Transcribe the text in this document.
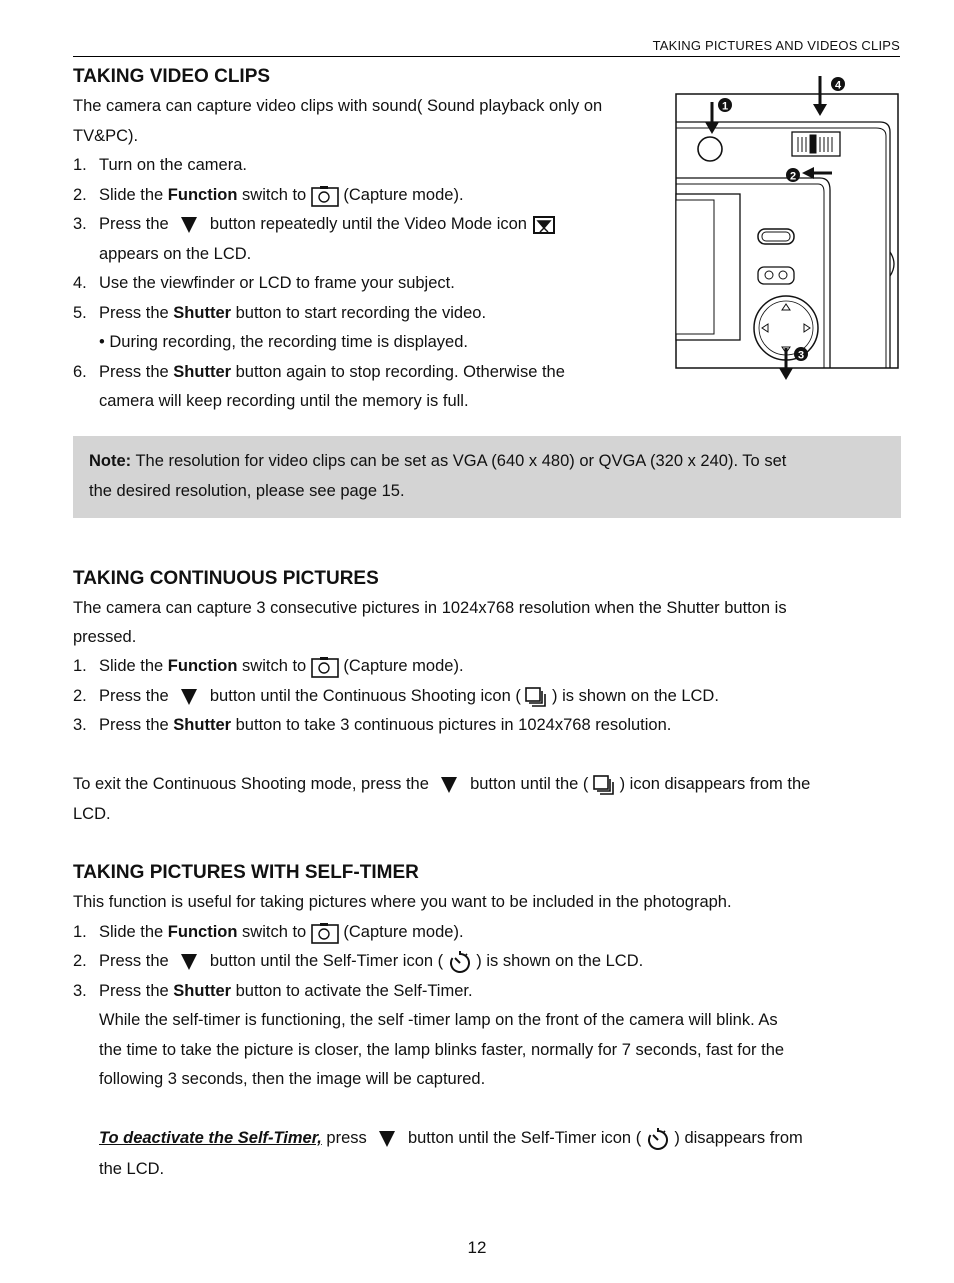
TAKING PICTURES AND VIDEOS CLIPS
TAKING VIDEO CLIPS
The camera can capture video clips with sound( Sound playback only on
TV&PC).
1. Turn on the camera.
2. Slide the Function switch to  (Capture mode).
3. Press the  button repeatedly until the Video Mode icon
appears on the LCD.
4. Use the viewfinder or LCD to frame your subject.
5. Press the Shutter button to start recording the video.
• During recording, the recording time is displayed.
6. Press the Shutter button again to stop recording. Otherwise the
camera will keep recording until the memory is full.
1
2
3
4
Note: The resolution for video clips can be set as VGA (640 x 480) or QVGA (320 x 240). To set
the desired resolution, please see page 15.
TAKING CONTINUOUS PICTURES
The camera can capture 3 consecutive pictures in 1024x768 resolution when the Shutter button is
pressed.
1. Slide the Function switch to  (Capture mode).
2. Press the  button until the Continuous Shooting icon (  ) is shown on the LCD.
3. Press the Shutter button to take 3 continuous pictures in 1024x768 resolution.
To exit the Continuous Shooting mode, press the  button until the (  ) icon disappears from the
LCD.
TAKING PICTURES WITH SELF-TIMER
This function is useful for taking pictures where you want to be included in the photograph.
1. Slide the Function switch to  (Capture mode).
2. Press the  button until the Self-Timer icon (  ) is shown on the LCD.
3. Press the Shutter button to activate the Self-Timer.
While the self-timer is functioning, the self -timer lamp on the front of the camera will blink. As
the time to take the picture is closer, the lamp blinks faster, normally for 7 seconds, fast for the
following 3 seconds, then the image will be captured.
To deactivate the Self-Timer, press  button until the Self-Timer icon (  ) disappears from
the LCD.
12
